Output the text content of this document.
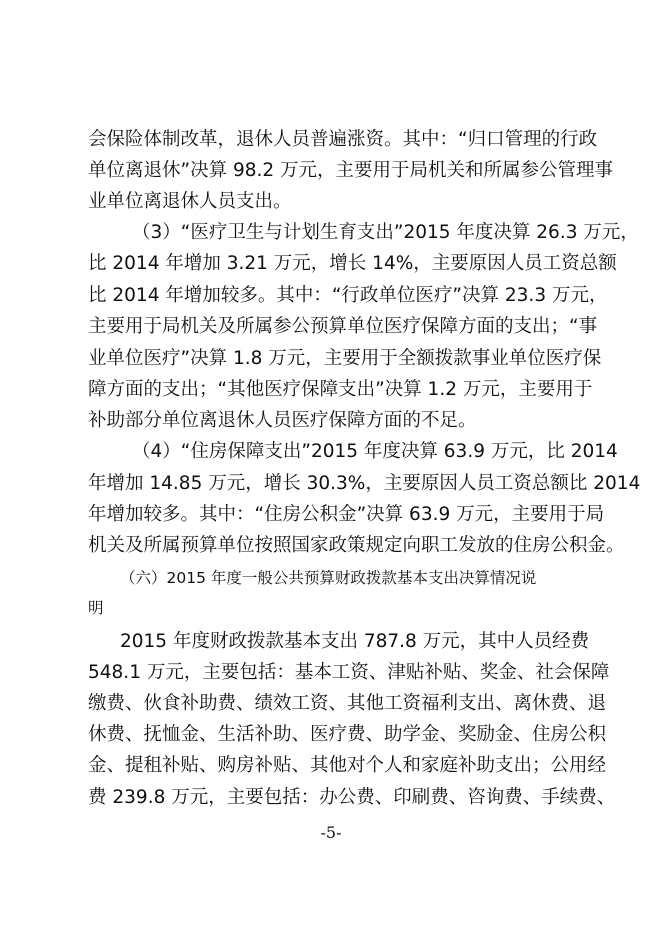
会保险体制改革，退休人员普遍涨资。其中：“归口管理的行政
单位离退休”决算 98.2 万元，主要用于局机关和所属参公管理事
业单位离退休人员支出。
（3）“医疗卫生与计划生育支出”2015 年度决算 26.3 万元，
比 2014 年增加 3.21 万元，增长 14%，主要原因人员工资总额
比 2014 年增加较多。其中：“行政单位医疗”决算 23.3 万元，
主要用于局机关及所属参公预算单位医疗保障方面的支出；“事
业单位医疗”决算 1.8 万元，主要用于全额拨款事业单位医疗保
障方面的支出；“其他医疗保障支出”决算 1.2 万元，主要用于
补助部分单位离退休人员医疗保障方面的不足。
（4）“住房保障支出”2015 年度决算 63.9 万元，比 2014
年增加 14.85 万元，增长 30.3%，主要原因人员工资总额比 2014
年增加较多。其中：“住房公积金”决算 63.9 万元，主要用于局
机关及所属预算单位按照国家政策规定向职工发放的住房公积金。
（六）2015 年度一般公共预算财政拨款基本支出决算情况说
明
2015 年度财政拨款基本支出 787.8 万元，其中人员经费
548.1 万元，主要包括：基本工资、津贴补贴、奖金、社会保障
缴费、伙食补助费、绩效工资、其他工资福利支出、离休费、退
休费、抚恤金、生活补助、医疗费、助学金、奖励金、住房公积
金、提租补贴、购房补贴、其他对个人和家庭补助支出；公用经
费 239.8 万元，主要包括：办公费、印刷费、咨询费、手续费、
-5-
